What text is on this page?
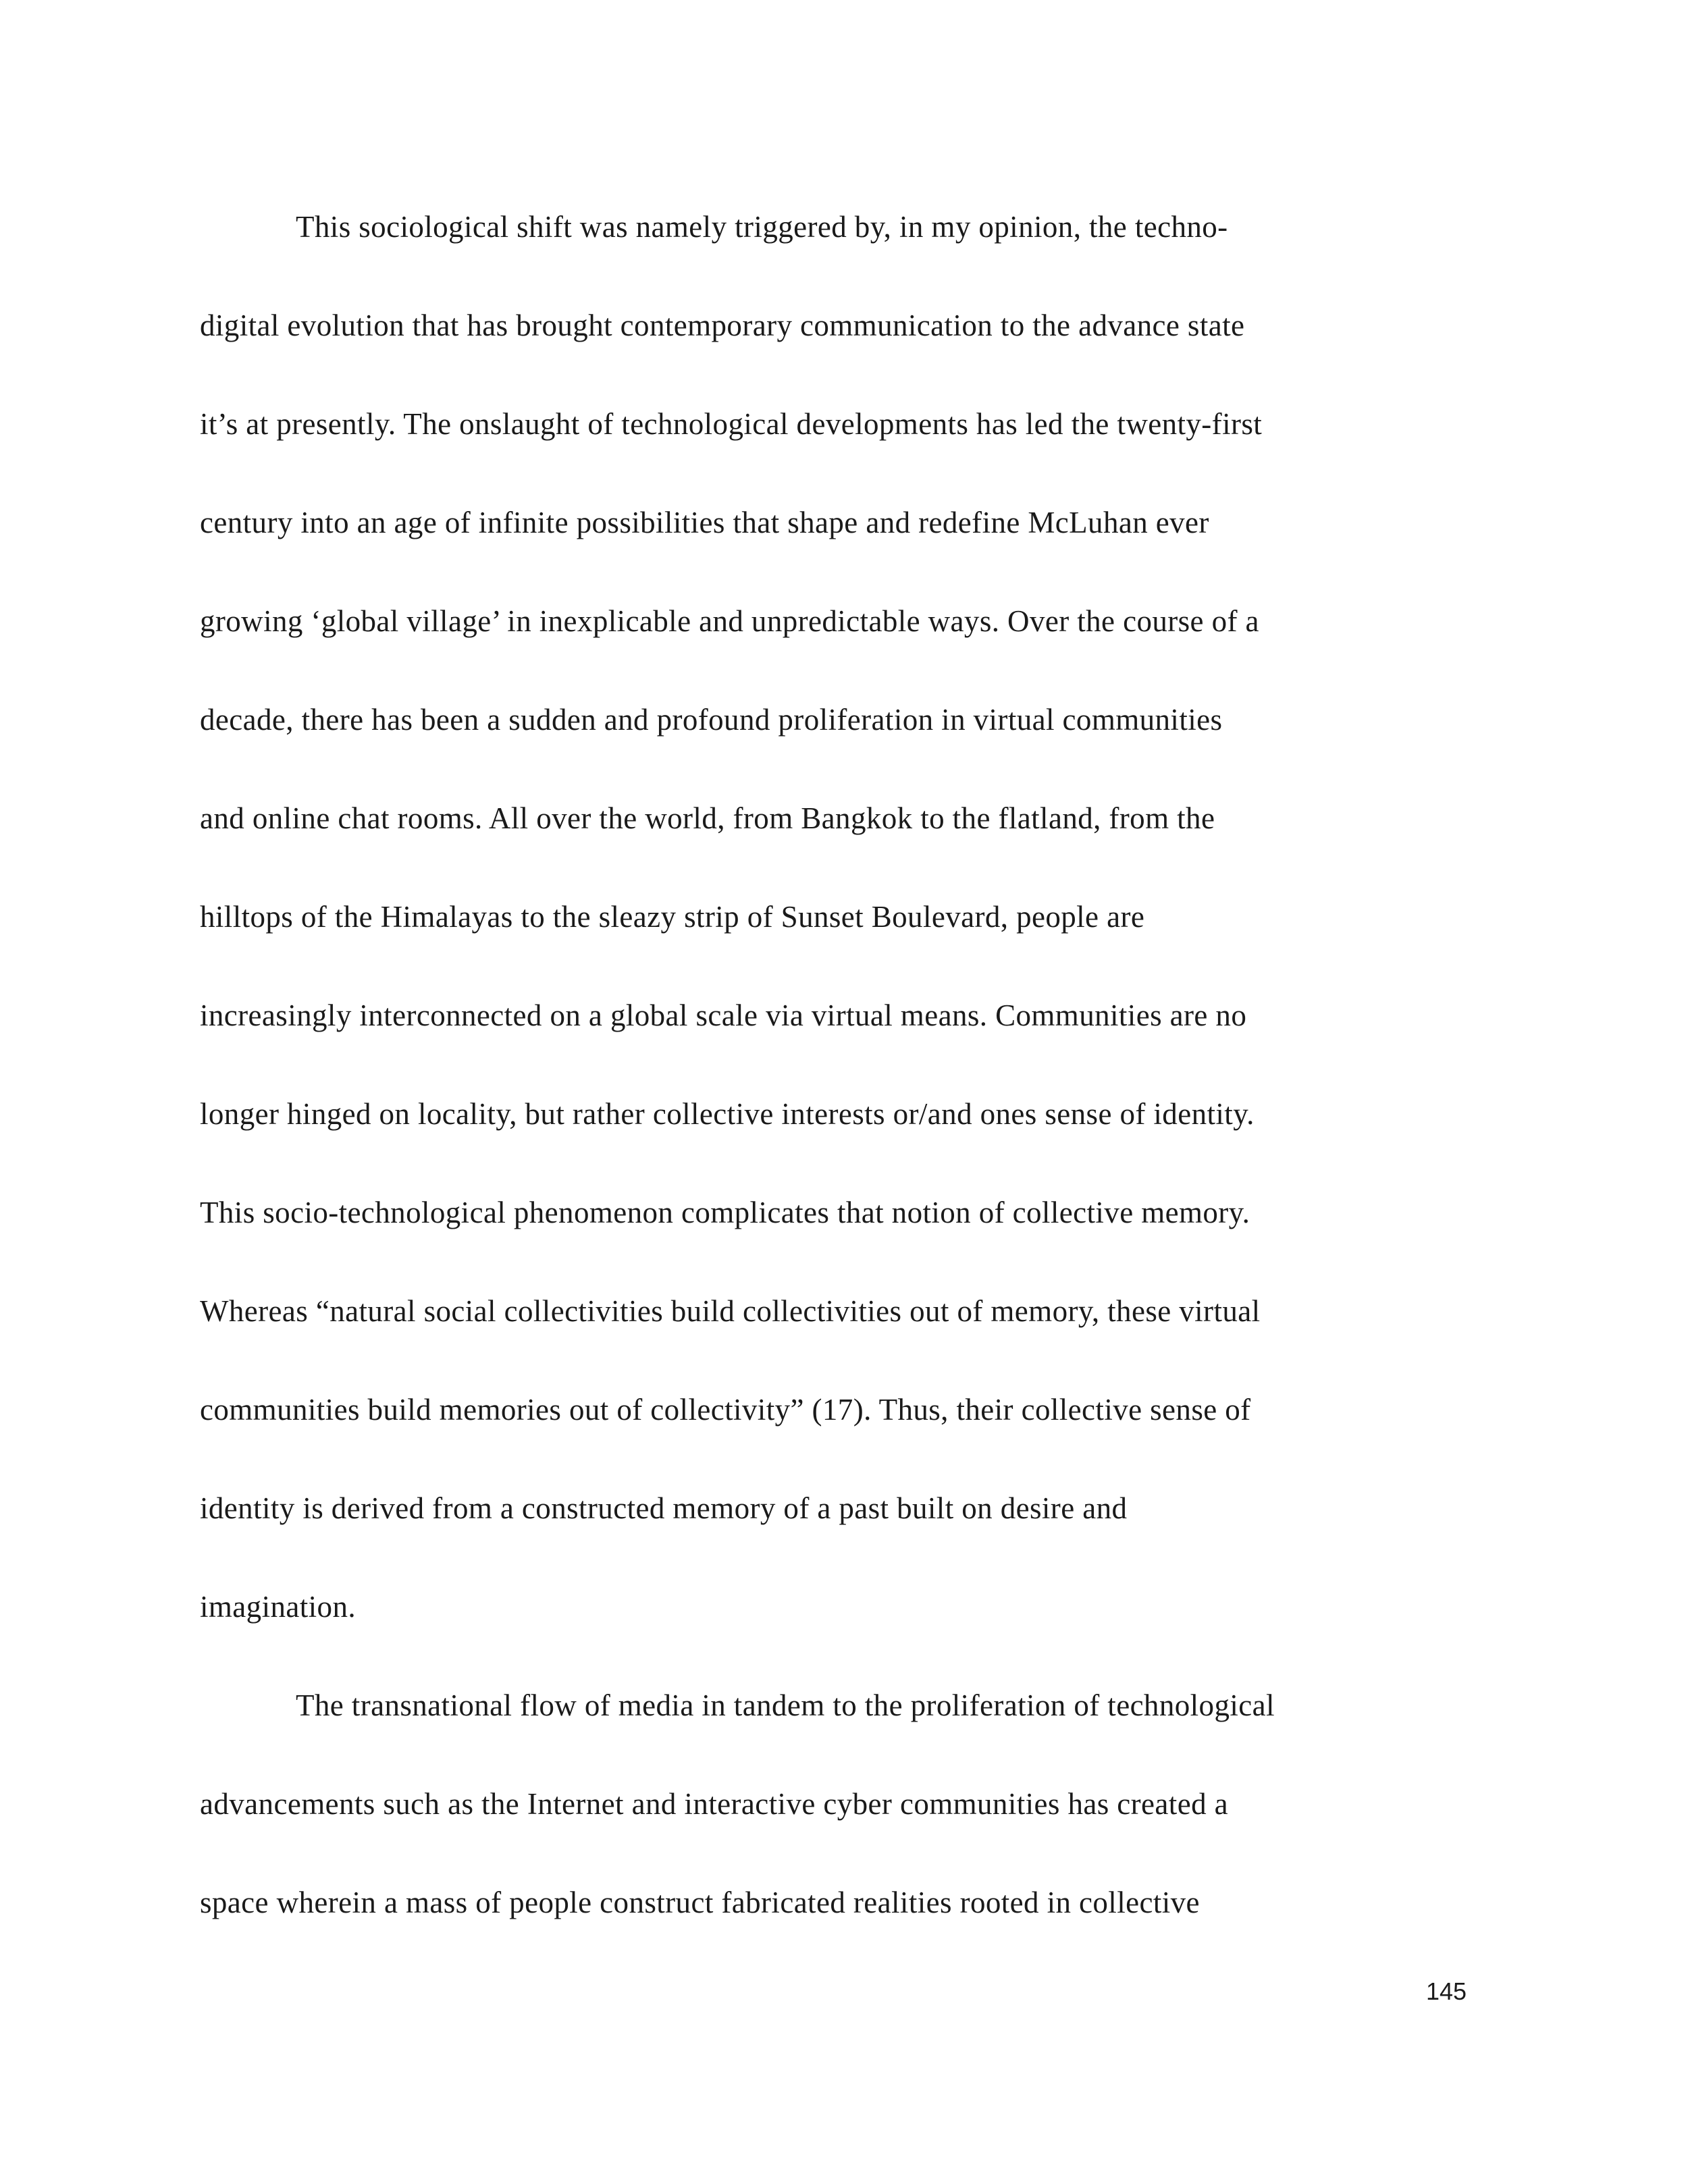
This sociological shift was namely triggered by, in my opinion, the techno-
digital evolution that has brought contemporary communication to the advance state
it’s at presently. The onslaught of technological developments has led the twenty-first
century into an age of infinite possibilities that shape and redefine McLuhan ever
growing ‘global village’ in inexplicable and unpredictable ways. Over the course of a
decade, there has been a sudden and profound proliferation in virtual communities
and online chat rooms. All over the world, from Bangkok to the flatland, from the
hilltops of the Himalayas to the sleazy strip of Sunset Boulevard, people are
increasingly interconnected on a global scale via virtual means. Communities are no
longer hinged on locality, but rather collective interests or/and ones sense of identity.
This socio-technological phenomenon complicates that notion of collective memory.
Whereas “natural social collectivities build collectivities out of memory, these virtual
communities build memories out of collectivity” (17). Thus, their collective sense of
identity is derived from a constructed memory of a past built on desire and
imagination.
The transnational flow of media in tandem to the proliferation of technological
advancements such as the Internet and interactive cyber communities has created a
space wherein a mass of people construct fabricated realities rooted in collective
145
